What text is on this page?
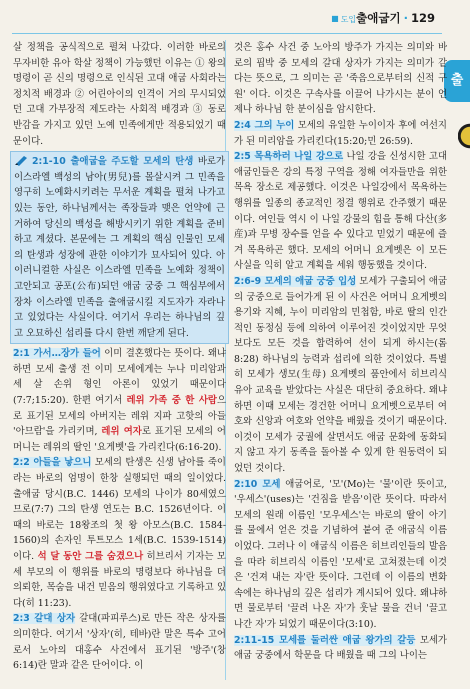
■ 도입출애굽기 · 129
출

살 정책을 공식적으로 펼쳐 나갔다. 이러한 바로의 무자비한 유아 학살 정책이 가능했던 이유는 ① 왕의 명령이 곧 신의 명령으로 인식된 고대 애굽 사회라는 정치적 배경과 ② 어린아이의 인격이 거의 무시되었던 고대 가부장적 제도라는 사회적 배경과 ③ 동로 반감을 가지고 있던 노예 민족에게만 적용되었기 때문이다.

2:1-10 출애굽을 주도할 모세의 탄생 바로가 이스라엘 백성의 남아(男兒)를 몰살시켜 그 민족을 영구히 노예화시키려는 무서운 계획을 펼쳐 나가고 있는 동안, 하나님께서는 족장들과 맺은 언약에 근거하여 당신의 백성을 해방시키기 위한 계획을 준비하고 계셨다. 본문에는 그 계획의 핵심 인물인 모세의 탄생과 성장에 관한 이야기가 묘사되어 있다. 아이러니컬한 사실은 이스라엘 민족을 노예화 정책이 고안되고 공포(公布)되던 애굽 궁중 그 핵심부에서 장차 이스라엘 민족을 출애굽시킬 지도자가 자라나고 있었다는 사실이다. 여기서 우리는 하나님의 깊고 오묘하신 섭리를 다시 한번 깨닫게 된다.

2:1 가서…장가 들어 이미 결혼했다는 뜻이다. 왜냐하면 모세 출생 전 이미 모세에게는 누나 미리암과 세 살 손위 형인 아론이 있었기 때문이다(7:7;15:20). 한편 여기서 레위 가족 중 한 사람으로 표기된 모세의 아버지는 레위 지파 고핫의 아들 '아므람'을 가리키며, 레위 여자로 표기된 모세의 어머니는 레위의 딸인 '요게벳'을 가리킨다(6:16-20).

2:2 아들을 낳으니 모세의 탄생은 신생 남아를 죽이라는 바로의 엄명이 한창 실행되던 때의 일이었다. 출애굽 당시(B.C. 1446) 모세의 나이가 80세였으므로(7:7) 그의 탄생 연도는 B.C. 1526년이다. 이때의 바로는 18왕조의 첫 왕 아모스(B.C. 1584-1560)의 손자인 투트모스 1세(B.C. 1539-1514)이다. 석 달 동안 그를 숨겼으나 히브리서 기자는 모세 부모의 이 행위를 바로의 명령보다 하나님을 더 의뢰한, 목숨을 내건 믿음의 행위였다고 기록하고 있다(히 11:23).

2:3 갈대 상자 갈대(파피루스)로 만든 작은 상자를 의미한다. 여기서 '상자'(히, 테바)란 말은 특수 고어로서 노아의 대홍수 사건에서 표기된 '방주'(창 6:14)란 말과 같은 단어이다. 이

것은 홍수 사건 중 노아의 방주가 가지는 의미와 바로의 핍박 중 모세의 갈대 상자가 가지는 의미가 같다는 뜻으로, 그 의미는 곧 '죽음으로부터의 신적 구원' 이다. 이것은 구속사를 이끌어 나가시는 분이 언제나 하나님 한 분이심을 암시한다.

2:4 그의 누이 모세의 유일한 누이이자 후에 여선지가 된 미리암을 가리킨다(15:20;민 26:59).

2:5 목욕하러 나일 강으로 나일 강을 신성시한 고대 애굽인들은 강의 특정 구역을 정해 여자들만을 위한 목욕 장소로 제공했다. 이것은 나일강에서 목욕하는 행위를 일종의 종교적인 정결 행위로 간주했기 때문이다. 여인들 역시 이 나일 강물의 힘을 통해 다산(多産)과 무병 장수를 얻을 수 있다고 믿었기 때문에 즐겨 목욕하곤 했다. 모세의 어머니 요게벳은 이 모든 사실을 익히 알고 계획을 세워 행동했을 것이다.

2:6-9 모세의 애굽 궁중 입성 모세가 구출되어 애굽의 궁중으로 들어가게 된 이 사건은 어머니 요게벳의 용기와 지혜, 누이 미리암의 민첩함, 바로 딸의 인간적인 동정심 등에 의하여 이루어진 것이었지만 무엇보다도 모든 것을 합력하여 선이 되게 하시는(롬 8:28) 하나님의 능력과 섭리에 의한 것이었다. 특별히 모세가 생모(生母) 요게벳의 품안에서 히브리식 유아 교육을 받았다는 사실은 대단히 중요하다. 왜냐하면 이때 모세는 경건한 어머니 요게벳으로부터 여호와 신앙과 여호와 언약을 배웠을 것이기 때문이다. 이것이 모세가 궁궐에 살면서도 애굽 문화에 동화되지 않고 자기 동족을 돌아볼 수 있게 한 원동력이 되었던 것이다.

2:10 모세 애굽어로, '모'(Mo)는 '물'이란 뜻이고, '우세스'(uses)는 '건짐을 받음'이란 뜻이다. 따라서 모세의 원래 이름인 '모우세스'는 바로의 딸이 아기를 물에서 얻은 것을 기념하여 붙여 준 애굽식 이름이었다. 그러나 이 애굽식 이름은 히브리인들의 발음을 따라 히브리식 이름인 '모세'로 고쳐졌는데 이것은 '건져 내는 자'란 뜻이다. 그런데 이 이름의 변화 속에는 하나님의 깊은 섭리가 계시되어 있다. 왜냐하면 물로부터 '끌려 나온 자'가 훗날 물을 건너 '끌고 나간 자'가 되었기 때문이다(3:10).

2:11-15 모세를 둘러싼 애굽 왕가의 갈등 모세가 애굽 궁중에서 학문을 다 배웠을 때 그의 나이는
